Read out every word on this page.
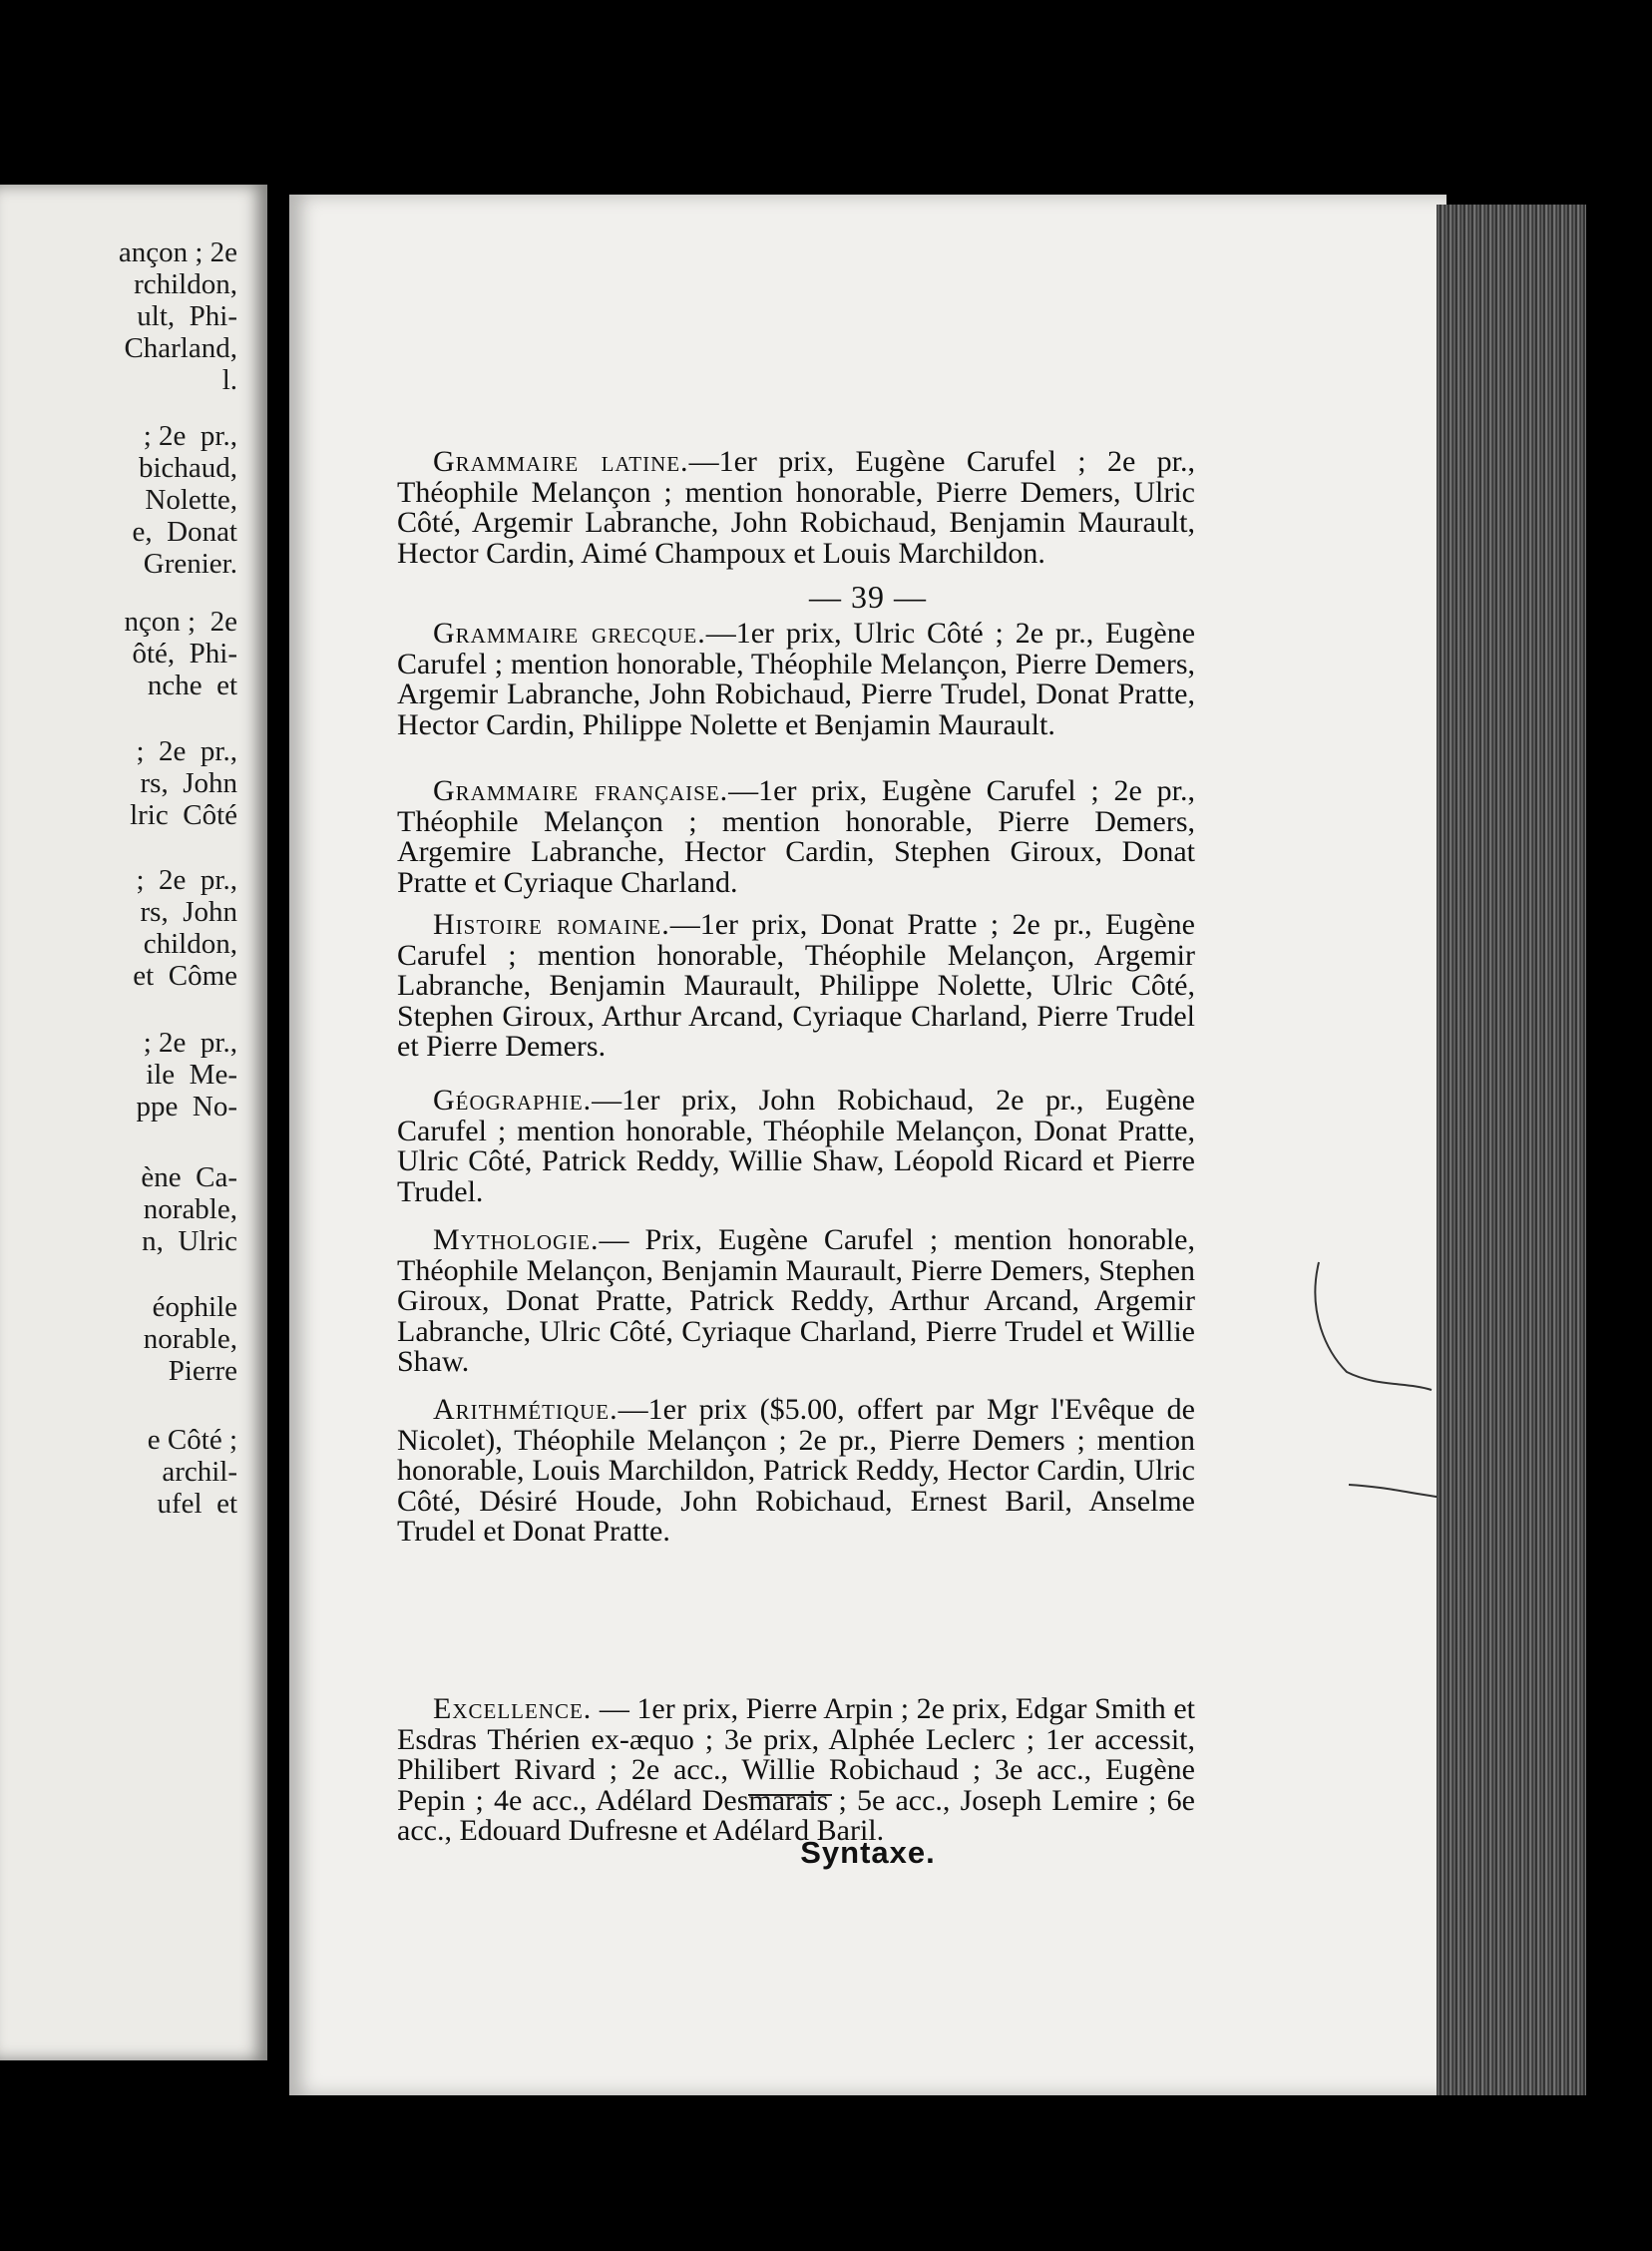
ançon ; 2e
rchildon,
ult,  Phi-
Charland,
l.
; 2e  pr.,
bichaud,
Nolette,
e,  Donat
Grenier.
nçon ;  2e
ôté,  Phi-
nche  et
;  2e  pr.,
rs,  John
lric  Côté
;  2e  pr.,
rs,  John
childon,
et  Côme
; 2e  pr.,
ile  Me-
ppe  No-
ène  Ca-
norable,
n,  Ulric
éophile
norable,
Pierre
e Côté ;
archil-
ufel  et
— 39 —
Grammaire latine.—1er prix, Eugène Carufel ; 2e pr., Théophile Melançon ; mention honorable, Pierre Demers, Ulric Côté, Argemir Labranche, John Robichaud, Benjamin Maurault, Hector Cardin, Aimé Champoux et Louis Marchildon.
Grammaire grecque.—1er prix, Ulric Côté ; 2e pr., Eugène Carufel ; mention honorable, Théophile Melançon, Pierre Demers, Argemir Labranche, John Robichaud, Pierre Trudel, Donat Pratte, Hector Cardin, Philippe Nolette et Benjamin Maurault.
Grammaire française.—1er prix, Eugène Carufel ; 2e pr., Théophile Melançon ; mention honorable, Pierre Demers, Argemire Labranche, Hector Cardin, Stephen Giroux, Donat Pratte et Cyriaque Charland.
Histoire romaine.—1er prix, Donat Pratte ; 2e pr., Eugène Carufel ; mention honorable, Théophile Melançon, Argemir Labranche, Benjamin Maurault, Philippe Nolette, Ulric Côté, Stephen Giroux, Arthur Arcand, Cyriaque Charland, Pierre Trudel et Pierre Demers.
Géographie.—1er prix, John Robichaud, 2e pr., Eugène Carufel ; mention honorable, Théophile Melançon, Donat Pratte, Ulric Côté, Patrick Reddy, Willie Shaw, Léopold Ricard et Pierre Trudel.
Mythologie.— Prix, Eugène Carufel ; mention honorable, Théophile Melançon, Benjamin Maurault, Pierre Demers, Stephen Giroux, Donat Pratte, Patrick Reddy, Arthur Arcand, Argemir Labranche, Ulric Côté, Cyriaque Charland, Pierre Trudel et Willie Shaw.
Arithmétique.—1er prix ($5.00, offert par Mgr l'Evêque de Nicolet), Théophile Melançon ; 2e pr., Pierre Demers ; mention honorable, Louis Marchildon, Patrick Reddy, Hector Cardin, Ulric Côté, Désiré Houde, John Robichaud, Ernest Baril, Anselme Trudel et Donat Pratte.
Syntaxe.
Excellence. — 1er prix, Pierre Arpin ; 2e prix, Edgar Smith et Esdras Thérien ex-æquo ; 3e prix, Alphée Leclerc ; 1er accessit, Philibert Rivard ; 2e acc., Willie Robichaud ; 3e acc., Eugène Pepin ; 4e acc., Adélard Desmarais ; 5e acc., Joseph Lemire ; 6e acc., Edouard Dufresne et Adélard Baril.
